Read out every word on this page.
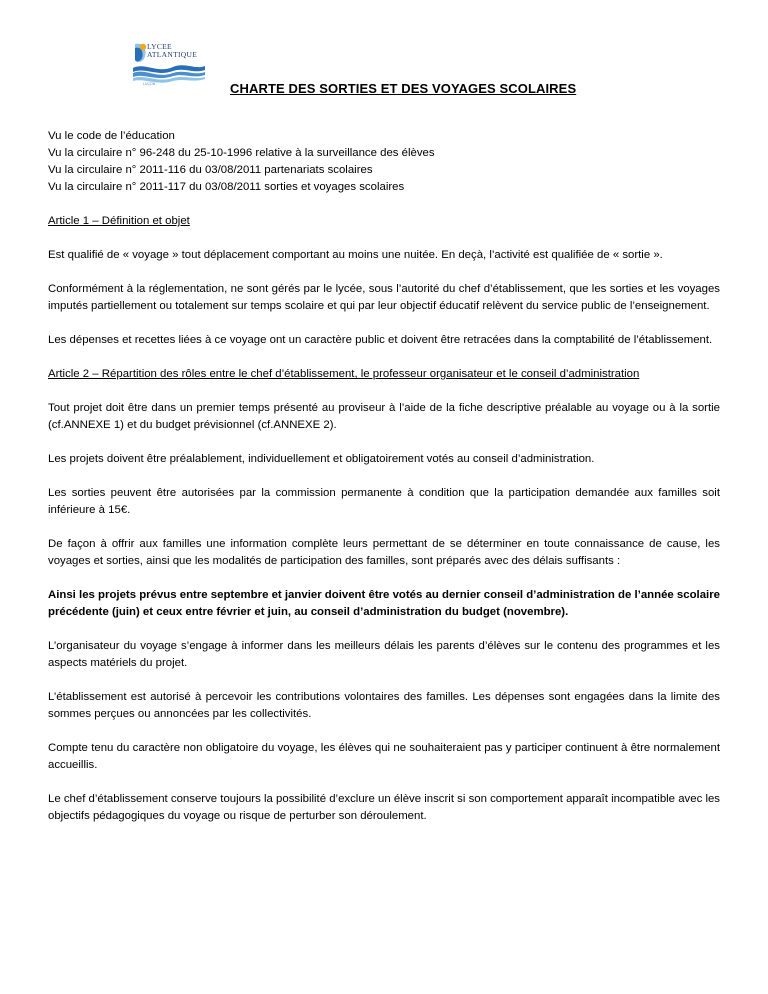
LYCEE
ATLANTIQUE
LUÇON	CHARTE DES SORTIES ET DES VOYAGES SCOLAIRES

Vu le code de l’éducation

Vu la circulaire n° 96-248 du 25-10-1996 relative à la surveillance des élèves

Vu la circulaire n° 2011-116 du 03/08/2011 partenariats scolaires

Vu la circulaire n° 2011-117 du 03/08/2011 sorties et voyages scolaires

Article 1 – Définition et objet

Est qualifié de « voyage » tout déplacement comportant au moins une nuitée. En deçà, l’activité est qualifiée de « sortie ».

Conformément à la réglementation, ne sont gérés par le lycée, sous l’autorité du chef d’établissement, que les sorties et les voyages imputés partiellement ou totalement sur temps scolaire et qui par leur objectif éducatif relèvent du service public de l’enseignement.

Les dépenses et recettes liées à ce voyage ont un caractère public et doivent être retracées dans la comptabilité de l’établissement.

Article 2 – Répartition des rôles entre le chef d’établissement, le professeur organisateur et le conseil d’administration

Tout projet doit être dans un premier temps présenté au proviseur à l’aide de la fiche descriptive préalable au voyage ou à la sortie (cf.ANNEXE 1) et du budget prévisionnel (cf.ANNEXE 2).

Les projets doivent être préalablement, individuellement et obligatoirement votés au conseil d’administration.

Les sorties peuvent être autorisées par la commission permanente à condition que la participation demandée aux familles soit inférieure à 15€.

De façon à offrir aux familles une information complète leurs permettant de se déterminer en toute connaissance de cause, les voyages et sorties, ainsi que les modalités de participation des familles, sont préparés avec des délais suffisants :

Ainsi les projets prévus entre septembre et janvier doivent être votés au dernier conseil d’administration de l’année scolaire précédente (juin) et ceux entre février et juin, au conseil d’administration du budget (novembre).

L’organisateur du voyage s’engage à informer dans les meilleurs délais les parents d’élèves sur le contenu des programmes et les aspects matériels du projet.

L’établissement est autorisé à percevoir les contributions volontaires des familles. Les dépenses sont engagées dans la limite des sommes perçues ou annoncées par les collectivités.

Compte tenu du caractère non obligatoire du voyage, les élèves qui ne souhaiteraient pas y participer continuent à être normalement accueillis.

Le chef d’établissement conserve toujours la possibilité d’exclure un élève inscrit si son comportement apparaît incompatible avec les objectifs pédagogiques du voyage ou risque de perturber son déroulement.
